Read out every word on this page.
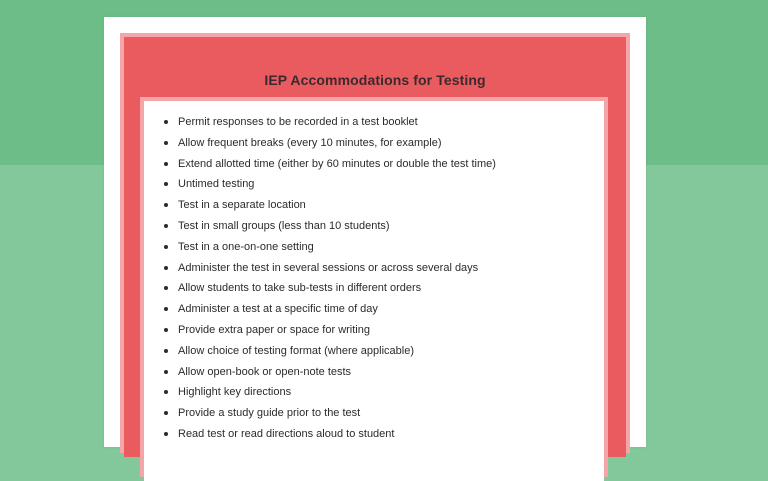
IEP Accommodations for Testing
Permit responses to be recorded in a test booklet
Allow frequent breaks (every 10 minutes, for example)
Extend allotted time (either by 60 minutes or double the test time)
Untimed testing
Test in a separate location
Test in small groups (less than 10 students)
Test in a one-on-one setting
Administer the test in several sessions or across several days
Allow students to take sub-tests in different orders
Administer a test at a specific time of day
Provide extra paper or space for writing
Allow choice of testing format (where applicable)
Allow open-book or open-note tests
Highlight key directions
Provide a study guide prior to the test
Read test or read directions aloud to student
